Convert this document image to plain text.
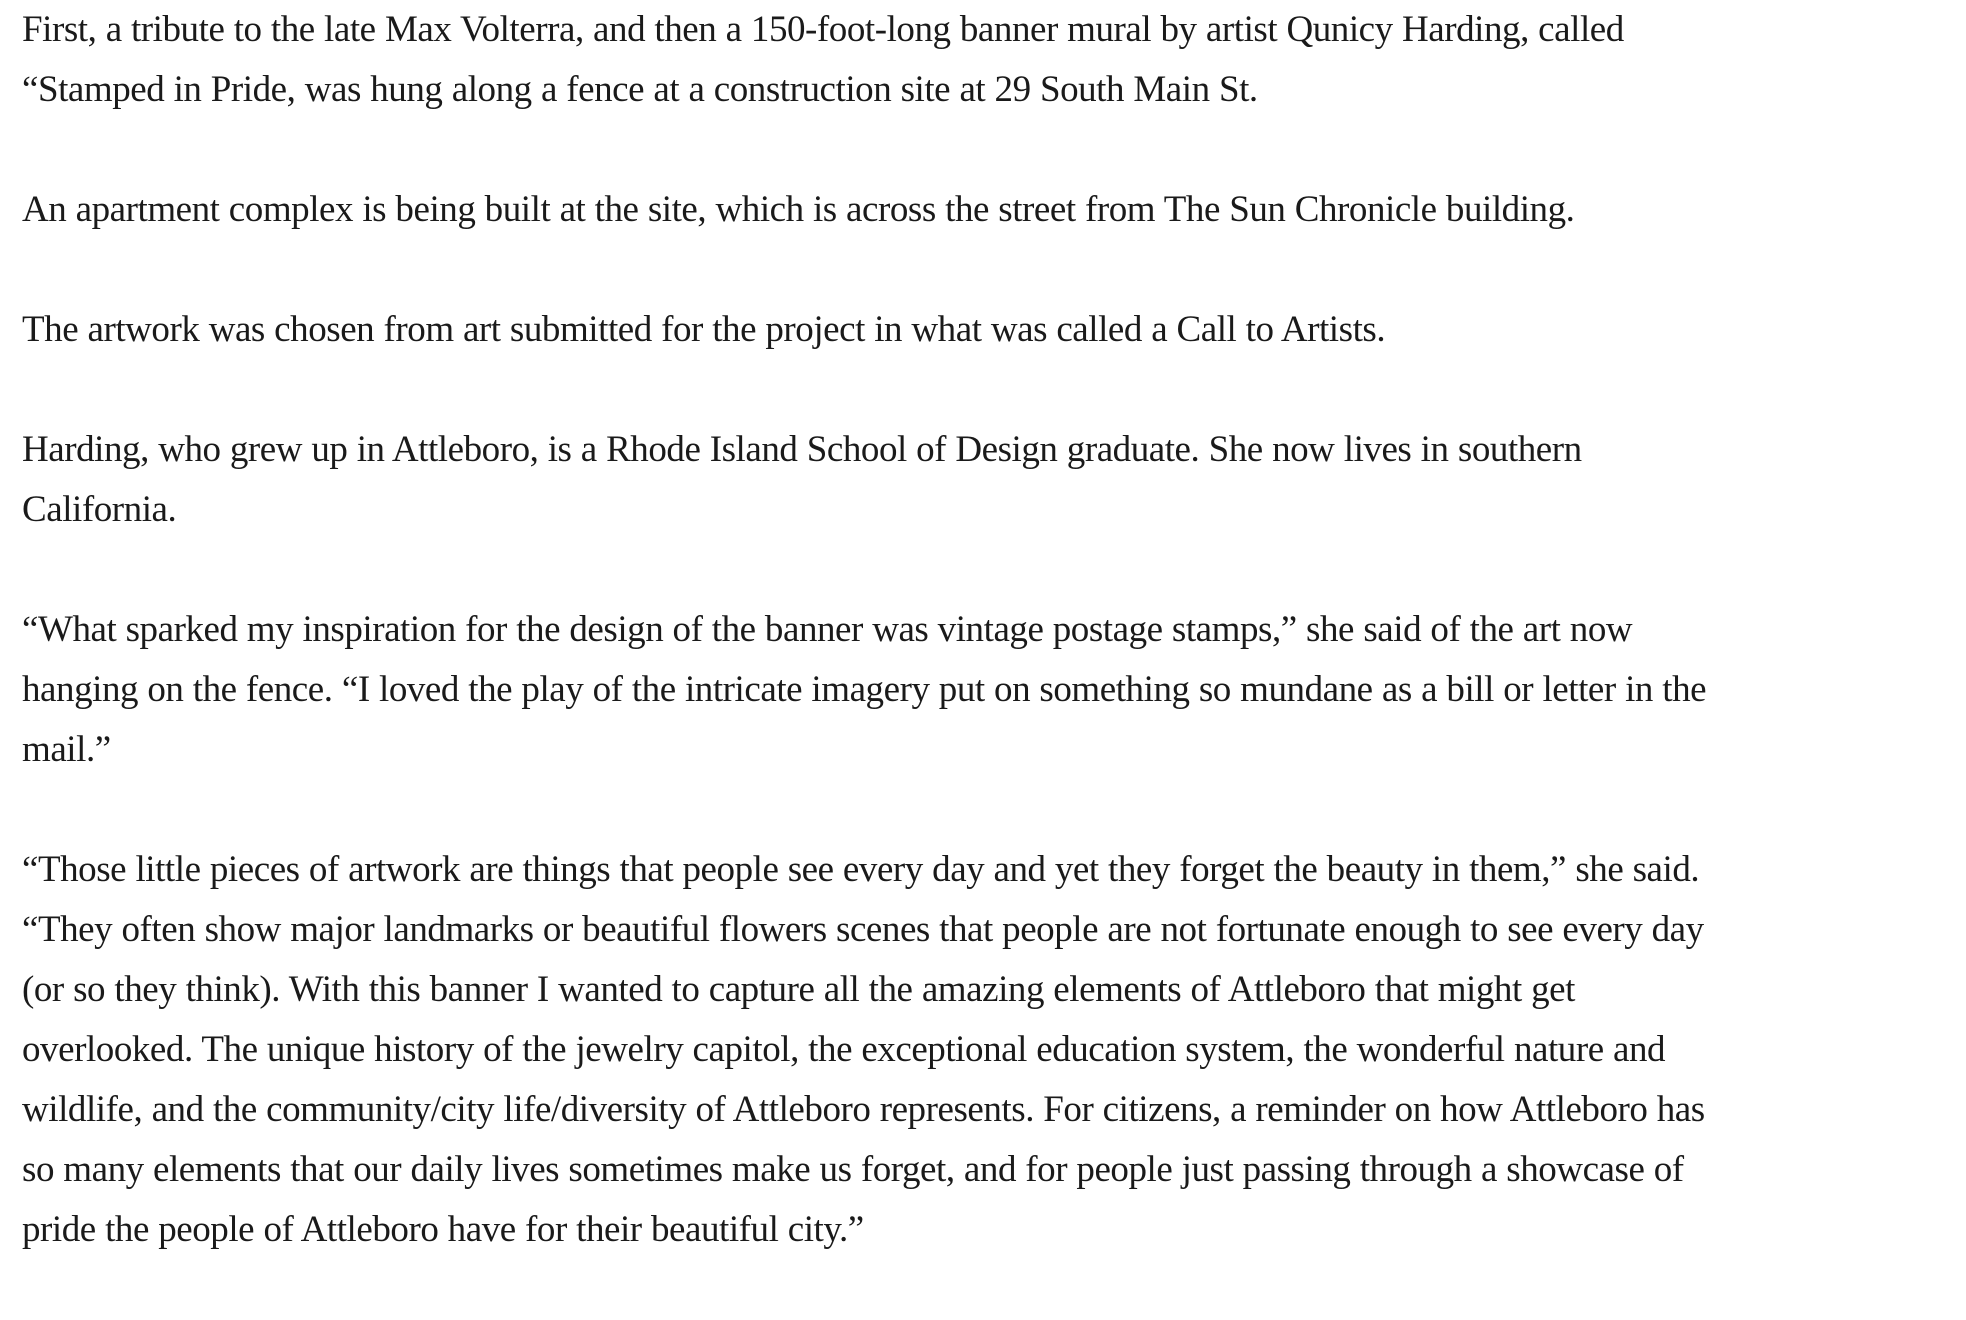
First, a tribute to the late Max Volterra, and then a 150-foot-long banner mural by artist Qunicy Harding, called
“Stamped in Pride, was hung along a fence at a construction site at 29 South Main St.

An apartment complex is being built at the site, which is across the street from The Sun Chronicle building.

The artwork was chosen from art submitted for the project in what was called a Call to Artists.

Harding, who grew up in Attleboro, is a Rhode Island School of Design graduate. She now lives in southern
California.

“What sparked my inspiration for the design of the banner was vintage postage stamps,” she said of the art now
hanging on the fence. “I loved the play of the intricate imagery put on something so mundane as a bill or letter in the
mail.”

“Those little pieces of artwork are things that people see every day and yet they forget the beauty in them,” she said.
“They often show major landmarks or beautiful flowers scenes that people are not fortunate enough to see every day
(or so they think). With this banner I wanted to capture all the amazing elements of Attleboro that might get
overlooked. The unique history of the jewelry capitol, the exceptional education system, the wonderful nature and
wildlife, and the community/city life/diversity of Attleboro represents. For citizens, a reminder on how Attleboro has
so many elements that our daily lives sometimes make us forget, and for people just passing through a showcase of
pride the people of Attleboro have for their beautiful city.”
